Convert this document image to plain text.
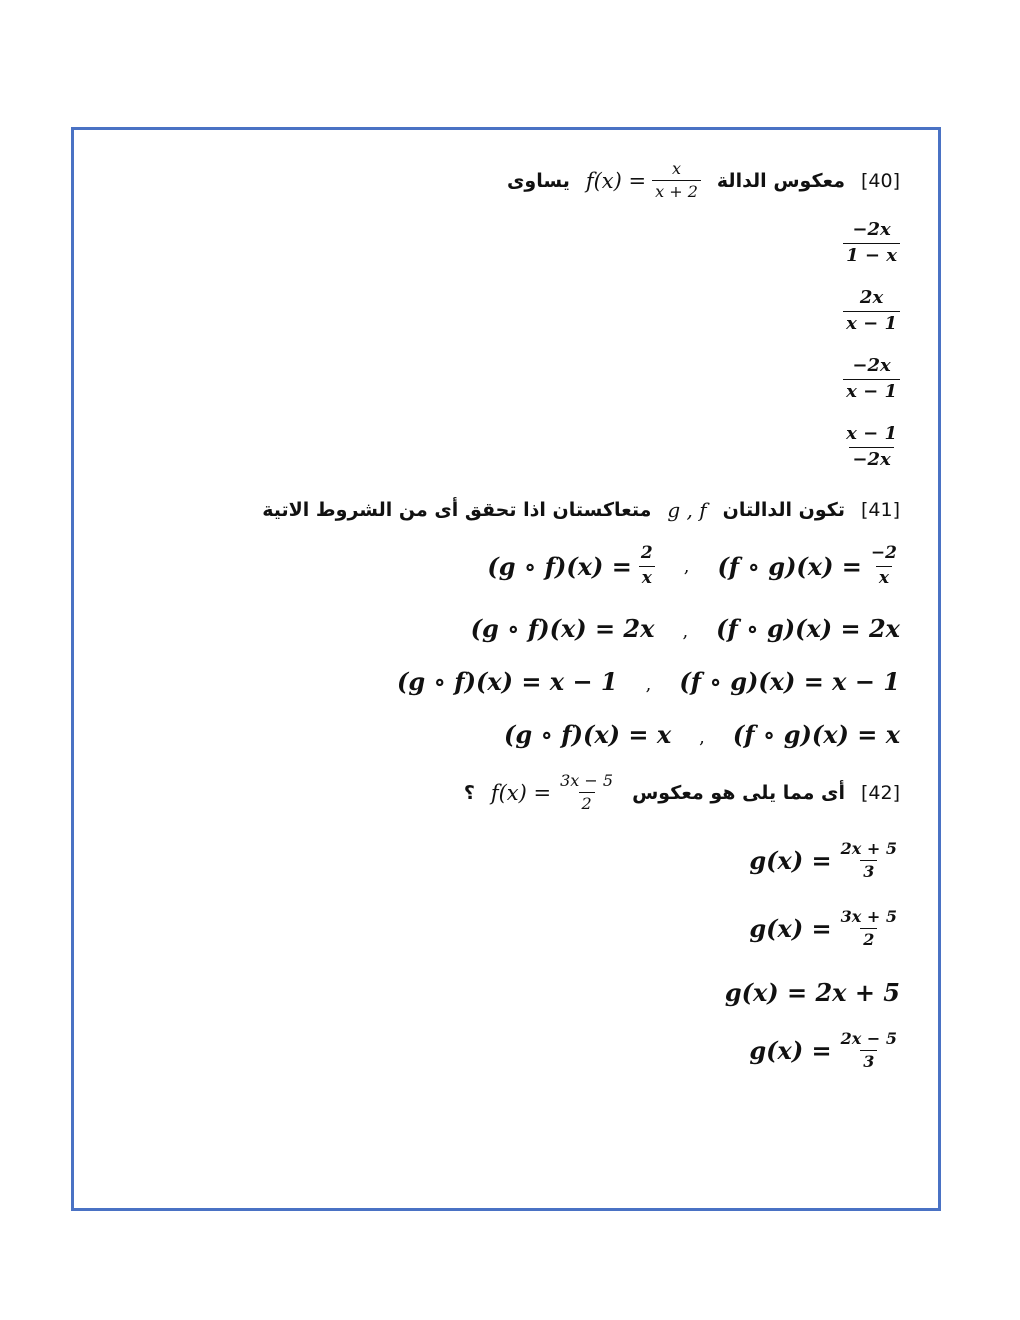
يساوى $f(x) = \frac{x}{x + 2}$ معكوس الدالة [40]
$\frac{-2x}{1 - x}$
$\frac{2x}{x - 1}$
$\frac{-2x}{x - 1}$
$\frac{x - 1}{-2x}$
متعاكستان اذا تحقق أى من الشروط الاتية g , f تكون الدالتان [41]
(g ∘ $f)(x) = \frac{2}{x}$ , (f ∘ $g)(x) = \frac{-2}{x}$
(g ∘ f)(x) = 2x , (f ∘ g)(x) = 2x
(g ∘ f)(x) = x − 1 , (f ∘ g)(x) = x − 1
(g ∘ f)(x) = x , (f ∘ g)(x) = x
؟ $f(x) = \frac{3x - 5}{2}$ أى مما يلى هو معكوس [42]
$g(x) = \frac{2x + 5}{3}$
$g(x) = \frac{3x + 5}{2}$
g(x) = 2x + 5
$g(x) = \frac{2x - 5}{3}$
